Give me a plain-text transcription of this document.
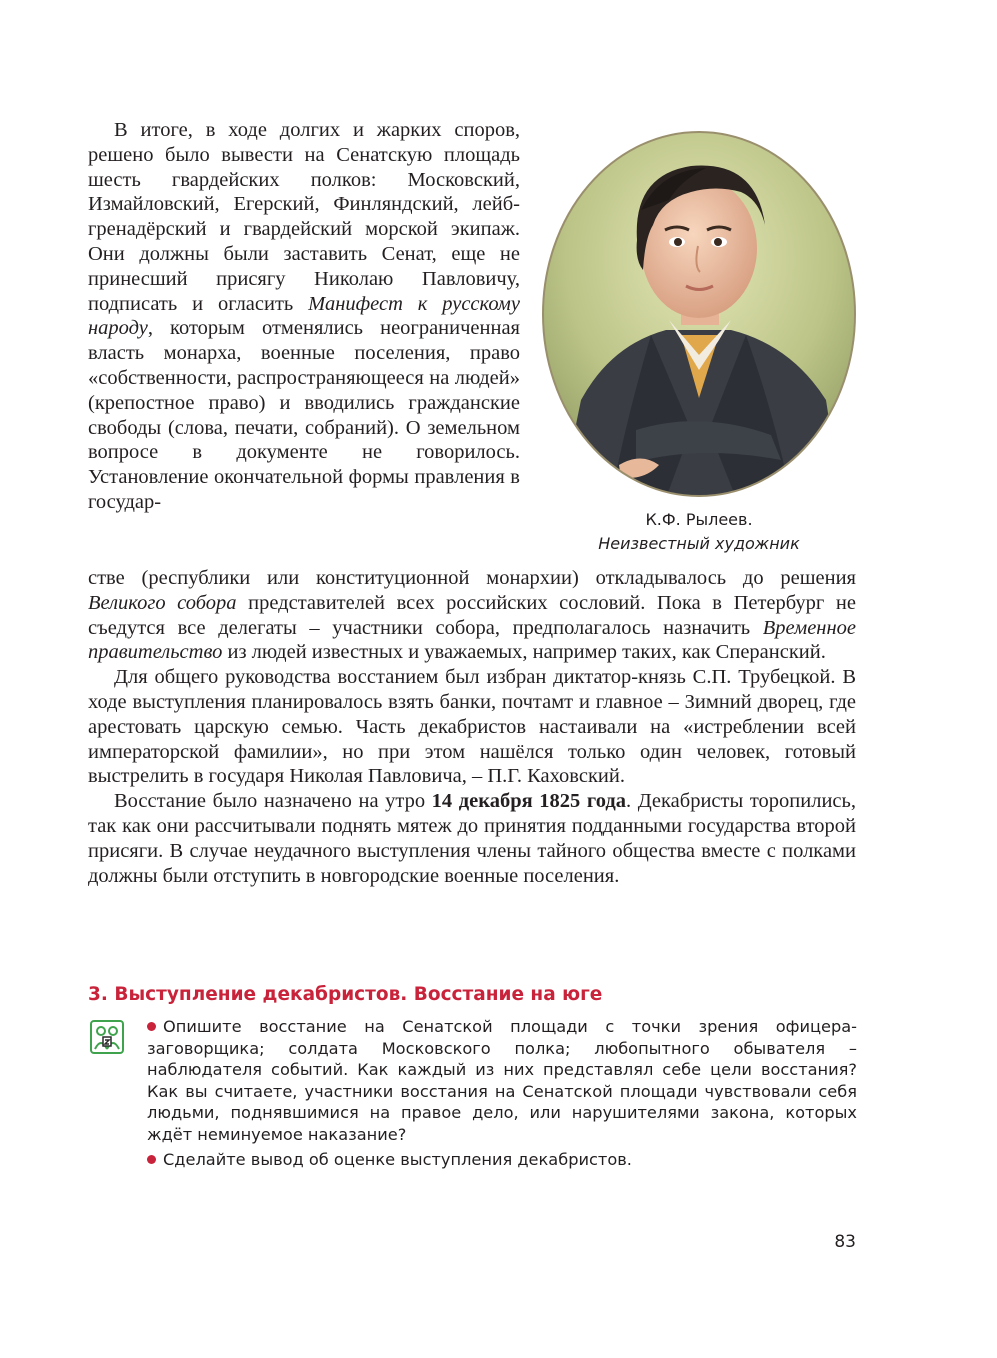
В итоге, в ходе долгих и жарких споров, решено было вывести на Сенатскую площадь шесть гвардейских полков: Московский, Измайловский, Егерский, Финляндский, лейб-гренадёрский и гвардейский морской экипаж. Они должны были заставить Сенат, еще не принесший присягу Николаю Павловичу, подписать и огласить Манифест к русскому народу, которым отменялись неограниченная власть монарха, военные поселения, право «собственности, распространяющееся на людей» (крепостное право) и вводились гражданские свободы (слова, печати, собраний). О земельном вопросе в документе не говорилось. Установление окончательной формы правления в государ-

К.Ф. Рылеев.
Неизвестный художник

стве (республики или конституционной монархии) откладывалось до решения Великого собора представителей всех российских сословий. Пока в Петербург не съедутся все делегаты – участники собора, предполагалось назначить Временное правительство из людей известных и уважаемых, например таких, как Сперанский.

Для общего руководства восстанием был избран диктатор-князь С.П. Трубецкой. В ходе выступления планировалось взять банки, почтамт и главное – Зимний дворец, где арестовать царскую семью. Часть декабристов настаивали на «истреблении всей императорской фамилии», но при этом нашёлся только один человек, готовый выстрелить в государя Николая Павловича, – П.Г. Каховский.

Восстание было назначено на утро 14 декабря 1825 года. Декабристы торопились, так как они рассчитывали поднять мятеж до принятия подданными государства второй присяги. В случае неудачного выступления члены тайного общества вместе с полками должны были отступить в новгородские военные поселения.

3. Выступление декабристов. Восстание на юге

Опишите восстание на Сенатской площади с точки зрения офицера-заговорщика; солдата Московского полка; любопытного обывателя – наблюдателя событий. Как каждый из них представлял себе цели восстания? Как вы считаете, участники восстания на Сенатской площади чувствовали себя людьми, поднявшимися на правое дело, или нарушителями закона, которых ждёт неминуемое наказание?

Сделайте вывод об оценке выступления декабристов.

83
